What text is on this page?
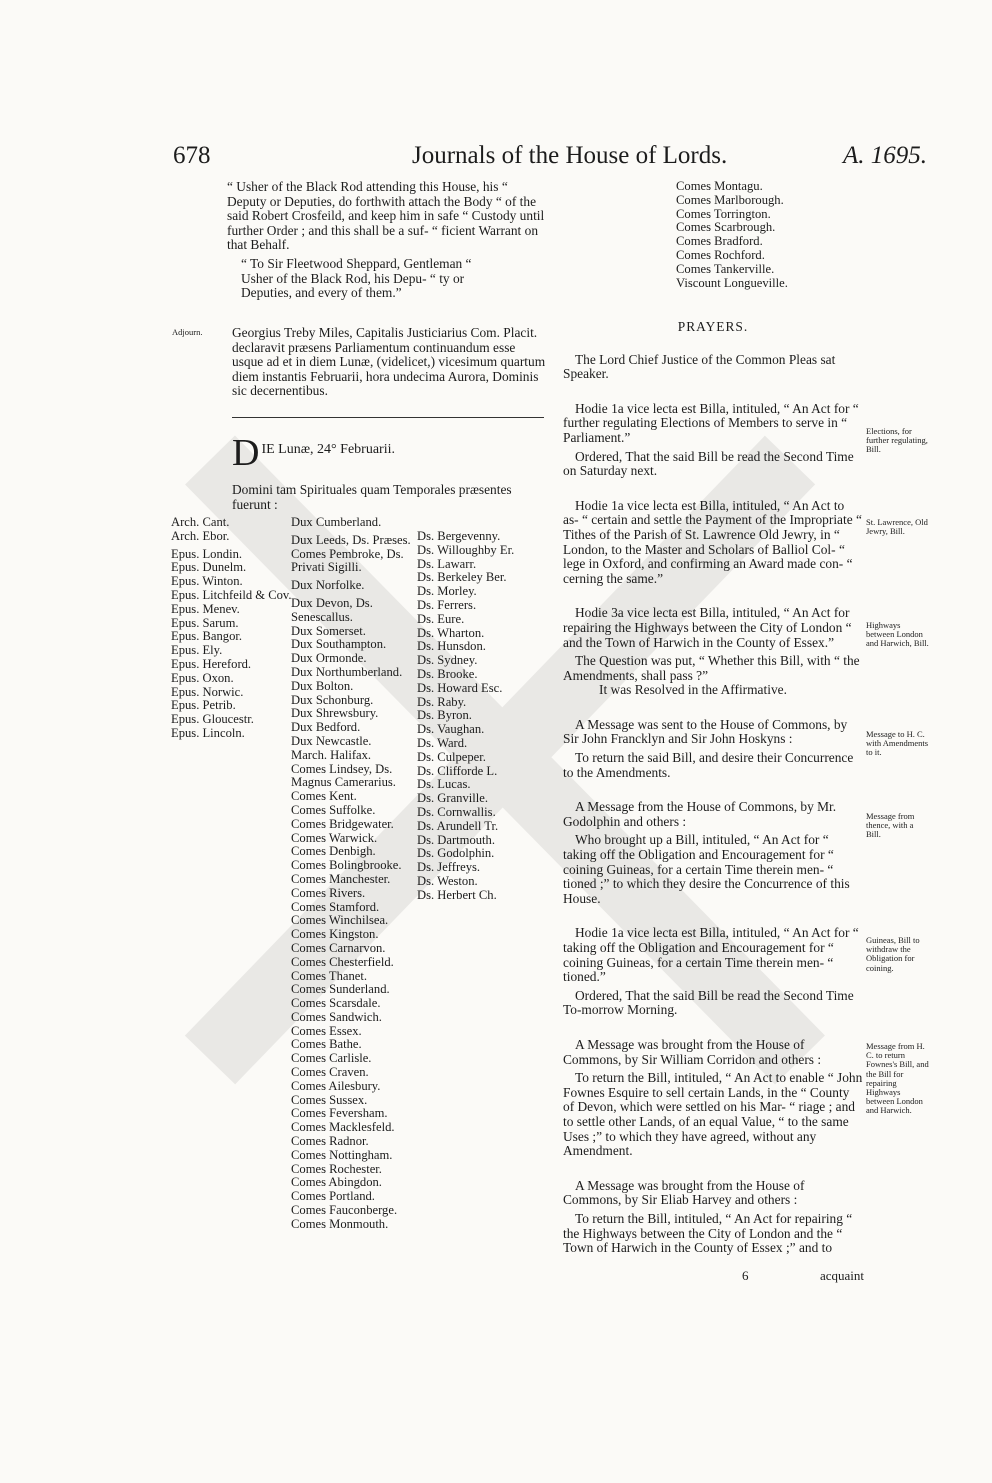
678	Journals of the House of Lords.	A. 1695.

“ Usher of the Black Rod attending this House, his “ Deputy or Deputies, do forthwith attach the Body “ of the said Robert Crosfeild, and keep him in safe “ Custody until further Order ; and this shall be a suf- “ ficient Warrant on that Behalf.

“ To Sir Fleetwood Sheppard, Gentleman “ Usher of the Black Rod, his Depu- “ ty or Deputies, and every of them.”

Adjourn. Georgius Treby Miles, Capitalis Justiciarius Com. Placit. declaravit præsens Parliamentum continuandum esse usque ad et in diem Lunæ, (videlicet,) vicesimum quartum diem instantis Februarii, hora undecima Aurora, Dominis sic decernentibus.
Comes Montagu.
Comes Marlborough.
Comes Torrington.
Comes Scarbrough.
Comes Bradford.
Comes Rochford.
Comes Tankerville.
Viscount Longueville.
D IE Lunæ, 24° Februarii.
Domini tam Spirituales quam Temporales præsentes fuerunt :
Arch. Cant.
Arch. Ebor.
Epus. Londin.
Epus. Dunelm.
Epus. Winton.
Epus. Litchfeild & Cov.
Epus. Menev.
Epus. Sarum.
Epus. Bangor.
Epus. Ely.
Epus. Hereford.
Epus. Oxon.
Epus. Norwic.
Epus. Petrib.
Epus. Gloucestr.
Epus. Lincoln.
Dux Cumberland.
Dux Leeds, Ds. Præses.
Comes Pembroke, Ds. Privati Sigilli.
Dux Norfolke.
Dux Devon, Ds. Senescallus.
Dux Somerset.
Dux Southampton.
Dux Ormonde.
Dux Northumberland.
Dux Bolton.
Dux Schonburg.
Dux Shrewsbury.
Dux Bedford.
Dux Newcastle.
March. Halifax.
Comes Lindsey, Ds. Magnus Camerarius.
Comes Kent.
Comes Suffolke.
Comes Bridgewater.
Comes Warwick.
Comes Denbigh.
Comes Bolingbrooke.
Comes Manchester.
Comes Rivers.
Comes Stamford.
Comes Winchilsea.
Comes Kingston.
Comes Carnarvon.
Comes Chesterfield.
Comes Thanet.
Comes Sunderland.
Comes Scarsdale.
Comes Sandwich.
Comes Essex.
Comes Bathe.
Comes Carlisle.
Comes Craven.
Comes Ailesbury.
Comes Sussex.
Comes Feversham.
Comes Macklesfeld.
Comes Radnor.
Comes Nottingham.
Comes Rochester.
Comes Abingdon.
Comes Portland.
Comes Fauconberge.
Comes Monmouth.
Ds. Bergevenny.
Ds. Willoughby Er.
Ds. Lawarr.
Ds. Berkeley Ber.
Ds. Morley.
Ds. Ferrers.
Ds. Eure.
Ds. Wharton.
Ds. Hunsdon.
Ds. Sydney.
Ds. Brooke.
Ds. Howard Esc.
Ds. Raby.
Ds. Byron.
Ds. Vaughan.
Ds. Ward.
Ds. Culpeper.
Ds. Clifforde L.
Ds. Lucas.
Ds. Granville.
Ds. Cornwallis.
Ds. Arundell Tr.
Ds. Dartmouth.
Ds. Godolphin.
Ds. Jeffreys.
Ds. Weston.
Ds. Herbert Ch.

PRAYERS.

The Lord Chief Justice of the Common Pleas sat Speaker.

Hodie 1a vice lecta est Billa, intituled, “ An Act for “ further regulating Elections of Members to serve in “ Parliament.”

Ordered, That the said Bill be read the Second Time on Saturday next.

Hodie 1a vice lecta est Billa, intituled, “ An Act to as- “ certain and settle the Payment of the Impropriate “ Tithes of the Parish of St. Lawrence Old Jewry, in “ London, to the Master and Scholars of Balliol Col- “ lege in Oxford, and confirming an Award made con- “ cerning the same.”

Hodie 3a vice lecta est Billa, intituled, “ An Act for repairing the Highways between the City of London “ and the Town of Harwich in the County of Essex.”

The Question was put, “ Whether this Bill, with “ the Amendments, shall pass ?”

It was Resolved in the Affirmative.

A Message was sent to the House of Commons, by Sir John Francklyn and Sir John Hoskyns :

To return the said Bill, and desire their Concurrence to the Amendments.

A Message from the House of Commons, by Mr. Godolphin and others :

Who brought up a Bill, intituled, “ An Act for “ taking off the Obligation and Encouragement for “ coining Guineas, for a certain Time therein men- “ tioned ;” to which they desire the Concurrence of this House.

Hodie 1a vice lecta est Billa, intituled, “ An Act for “ taking off the Obligation and Encouragement for “ coining Guineas, for a certain Time therein men- “ tioned.”

Ordered, That the said Bill be read the Second Time To-morrow Morning.

A Message was brought from the House of Commons, by Sir William Corridon and others :

To return the Bill, intituled, “ An Act to enable “ John Fownes Esquire to sell certain Lands, in the “ County of Devon, which were settled on his Mar- “ riage ; and to settle other Lands, of an equal Value, “ to the same Uses ;” to which they have agreed, without any Amendment.

A Message was brought from the House of Commons, by Sir Eliab Harvey and others :

To return the Bill, intituled, “ An Act for repairing “ the Highways between the City of London and the “ Town of Harwich in the County of Essex ;” and to

6	acquaint
Elections, for further regulating, Bill.
St. Lawrence, Old Jewry, Bill.
Highways between London and Harwich, Bill.
Message to H. C. with Amendments to it.
Message from thence, with a Bill.
Guineas, Bill to withdraw the Obligation for coining.
Message from H. C. to return Fownes's Bill, and the Bill for repairing Highways between London and Harwich.
